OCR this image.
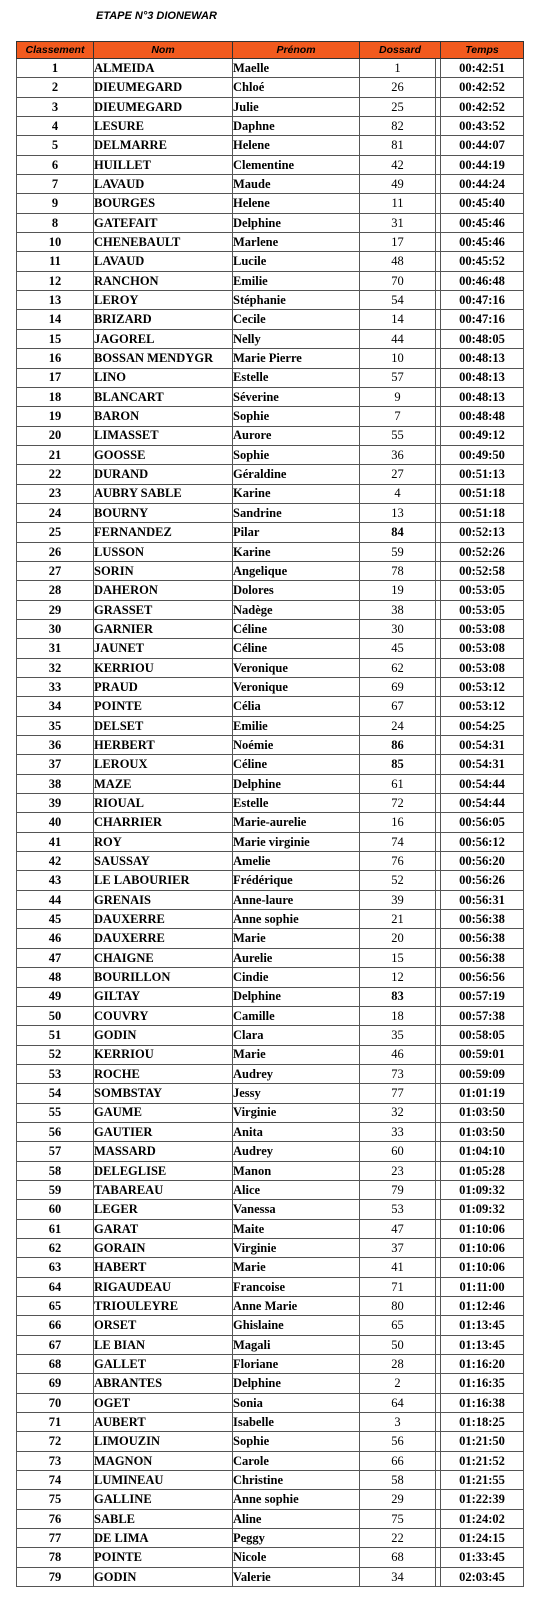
ETAPE N°3 DIONEWAR
Classement	Nom	Prénom	Dossard		Temps
1	ALMEIDA	Maelle	1		00:42:51
2	DIEUMEGARD	Chloé	26		00:42:52
3	DIEUMEGARD	Julie	25		00:42:52
4	LESURE	Daphne	82		00:43:52
5	DELMARRE	Helene	81		00:44:07
6	HUILLET	Clementine	42		00:44:19
7	LAVAUD	Maude	49		00:44:24
9	BOURGES	Helene	11		00:45:40
8	GATEFAIT	Delphine	31		00:45:46
10	CHENEBAULT	Marlene	17		00:45:46
11	LAVAUD	Lucile	48		00:45:52
12	RANCHON	Emilie	70		00:46:48
13	LEROY	Stéphanie	54		00:47:16
14	BRIZARD	Cecile	14		00:47:16
15	JAGOREL	Nelly	44		00:48:05
16	BOSSAN MENDYGR	Marie Pierre	10		00:48:13
17	LINO	Estelle	57		00:48:13
18	BLANCART	Séverine	9		00:48:13
19	BARON	Sophie	7		00:48:48
20	LIMASSET	Aurore	55		00:49:12
21	GOOSSE	Sophie	36		00:49:50
22	DURAND	Géraldine	27		00:51:13
23	AUBRY SABLE	Karine	4		00:51:18
24	BOURNY	Sandrine	13		00:51:18
25	FERNANDEZ	Pilar	84		00:52:13
26	LUSSON	Karine	59		00:52:26
27	SORIN	Angelique	78		00:52:58
28	DAHERON	Dolores	19		00:53:05
29	GRASSET	Nadège	38		00:53:05
30	GARNIER	Céline	30		00:53:08
31	JAUNET	Céline	45		00:53:08
32	KERRIOU	Veronique	62		00:53:08
33	PRAUD	Veronique	69		00:53:12
34	POINTE	Célia	67		00:53:12
35	DELSET	Emilie	24		00:54:25
36	HERBERT	Noémie	86		00:54:31
37	LEROUX	Céline	85		00:54:31
38	MAZE	Delphine	61		00:54:44
39	RIOUAL	Estelle	72		00:54:44
40	CHARRIER	Marie-aurelie	16		00:56:05
41	ROY	Marie virginie	74		00:56:12
42	SAUSSAY	Amelie	76		00:56:20
43	LE LABOURIER	Frédérique	52		00:56:26
44	GRENAIS	Anne-laure	39		00:56:31
45	DAUXERRE	Anne sophie	21		00:56:38
46	DAUXERRE	Marie	20		00:56:38
47	CHAIGNE	Aurelie	15		00:56:38
48	BOURILLON	Cindie	12		00:56:56
49	GILTAY	Delphine	83		00:57:19
50	COUVRY	Camille	18		00:57:38
51	GODIN	Clara	35		00:58:05
52	KERRIOU	Marie	46		00:59:01
53	ROCHE	Audrey	73		00:59:09
54	SOMBSTAY	Jessy	77		01:01:19
55	GAUME	Virginie	32		01:03:50
56	GAUTIER	Anita	33		01:03:50
57	MASSARD	Audrey	60		01:04:10
58	DELEGLISE	Manon	23		01:05:28
59	TABAREAU	Alice	79		01:09:32
60	LEGER	Vanessa	53		01:09:32
61	GARAT	Maite	47		01:10:06
62	GORAIN	Virginie	37		01:10:06
63	HABERT	Marie	41		01:10:06
64	RIGAUDEAU	Francoise	71		01:11:00
65	TRIOULEYRE	Anne Marie	80		01:12:46
66	ORSET	Ghislaine	65		01:13:45
67	LE BIAN	Magali	50		01:13:45
68	GALLET	Floriane	28		01:16:20
69	ABRANTES	Delphine	2		01:16:35
70	OGET	Sonia	64		01:16:38
71	AUBERT	Isabelle	3		01:18:25
72	LIMOUZIN	Sophie	56		01:21:50
73	MAGNON	Carole	66		01:21:52
74	LUMINEAU	Christine	58		01:21:55
75	GALLINE	Anne sophie	29		01:22:39
76	SABLE	Aline	75		01:24:02
77	DE LIMA	Peggy	22		01:24:15
78	POINTE	Nicole	68		01:33:45
79	GODIN	Valerie	34		02:03:45
